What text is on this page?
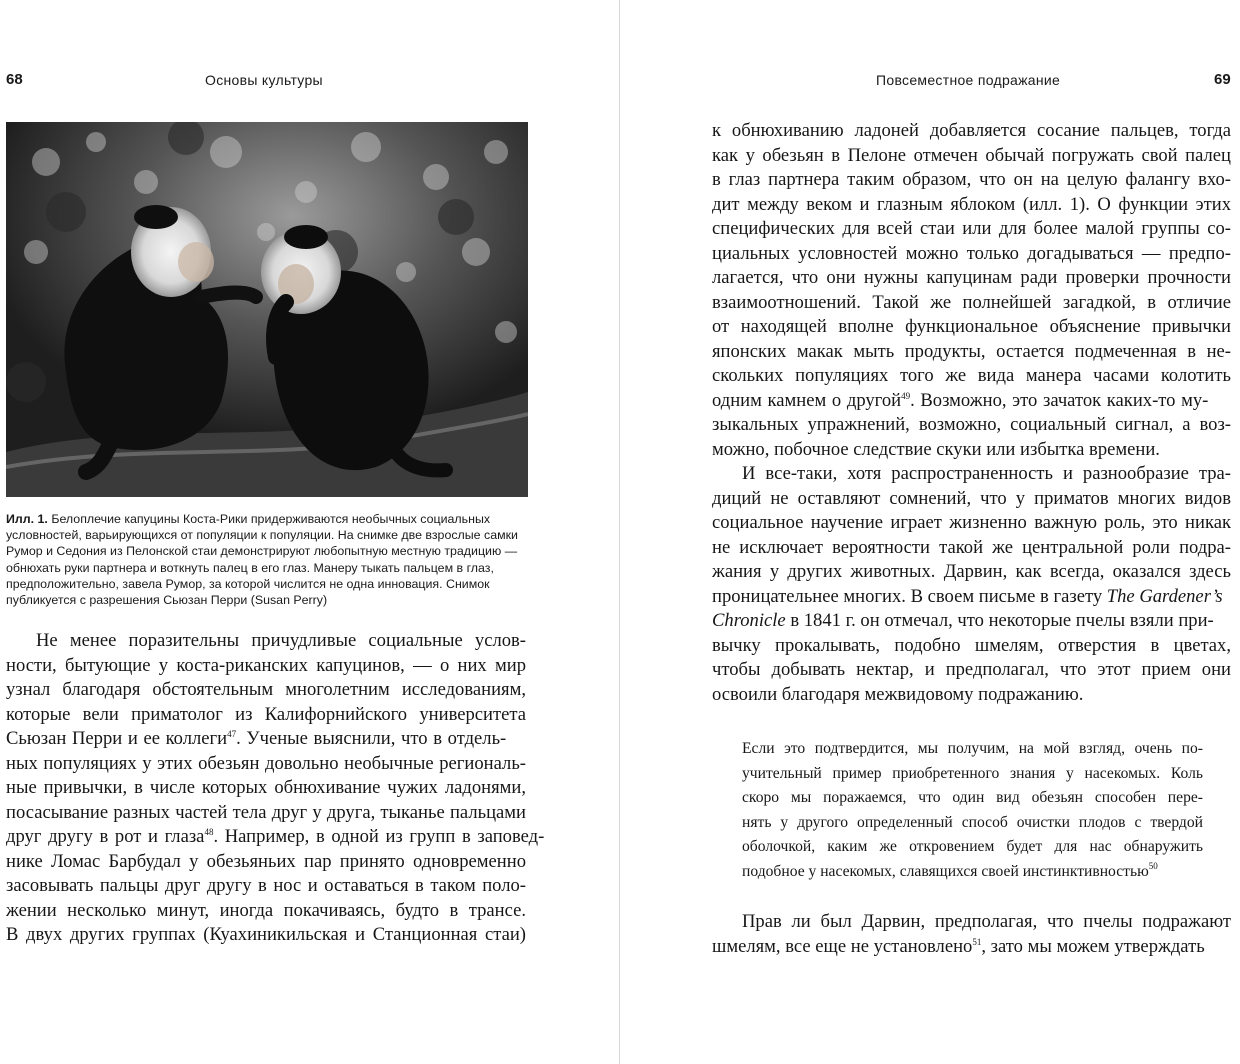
68	Основы культуры
Илл. 1. Белоплечие капуцины Коста-Рики придерживаются необычных социальных
условностей, варьирующихся от популяции к популяции. На снимке две взрослые самки
Румор и Седония из Пелонской стаи демонстрируют любопытную местную традицию —
обнюхать руки партнера и воткнуть палец в его глаз. Манеру тыкать пальцем в глаз,
предположительно, завела Румор, за которой числится не одна инновация. Снимок
публикуется с разрешения Сьюзан Перри (Susan Perry)
Не менее поразительны причудливые социальные услов-
ности, бытующие у коста-риканских капуцинов, — о них мир
узнал благодаря обстоятельным многолетним исследованиям,
которые вели приматолог из Калифорнийского университета
Сьюзан Перри и ее коллеги$^{47}$. Ученые выяснили, что в отдель-
ных популяциях у этих обезьян довольно необычные региональ-
ные привычки, в числе которых обнюхивание чужих ладонями,
посасывание разных частей тела друг у друга, тыканье пальцами
друг другу в рот и глаза$^{48}$. Например, в одной из групп в заповед-
нике Ломас Барбудал у обезьяньих пар принято одновременно
засовывать пальцы друг другу в нос и оставаться в таком поло-
жении несколько минут, иногда покачиваясь, будто в трансе.
В двух других группах (Куахиникильская и Станционная стаи)
Повсеместное подражание	69
к обнюхиванию ладоней добавляется сосание пальцев, тогда
как у обезьян в Пелоне отмечен обычай погружать свой палец
в глаз партнера таким образом, что он на целую фалангу вхо-
дит между веком и глазным яблоком (илл. 1). О функции этих
специфических для всей стаи или для более малой группы со-
циальных условностей можно только догадываться — предпо-
лагается, что они нужны капуцинам ради проверки прочности
взаимоотношений. Такой же полнейшей загадкой, в отличие
от находящей вполне функциональное объяснение привычки
японских макак мыть продукты, остается подмеченная в не-
скольких популяциях того же вида манера часами колотить
одним камнем о другой$^{49}$. Возможно, это зачаток каких-то му-
зыкальных упражнений, возможно, социальный сигнал, а воз-
можно, побочное следствие скуки или избытка времени.
И все-таки, хотя распространенность и разнообразие тра-
диций не оставляют сомнений, что у приматов многих видов
социальное научение играет жизненно важную роль, это никак
не исключает вероятности такой же центральной роли подра-
жания у других животных. Дарвин, как всегда, оказался здесь
проницательнее многих. В своем письме в газету The Gardener’s
Chronicle в 1841 г. он отмечал, что некоторые пчелы взяли при-
вычку прокалывать, подобно шмелям, отверстия в цветах,
чтобы добывать нектар, и предполагал, что этот прием они
освоили благодаря межвидовому подражанию.
Если это подтвердится, мы получим, на мой взгляд, очень по-
учительный пример приобретенного знания у насекомых. Коль
скоро мы поражаемся, что один вид обезьян способен пере-
нять у другого определенный способ очистки плодов с твердой
оболочкой, каким же откровением будет для нас обнаружить
подобное у насекомых, славящихся своей инстинктивностью$^{50}$
Прав ли был Дарвин, предполагая, что пчелы подражают
шмелям, все еще не установлено$^{51}$, зато мы можем утверждать
